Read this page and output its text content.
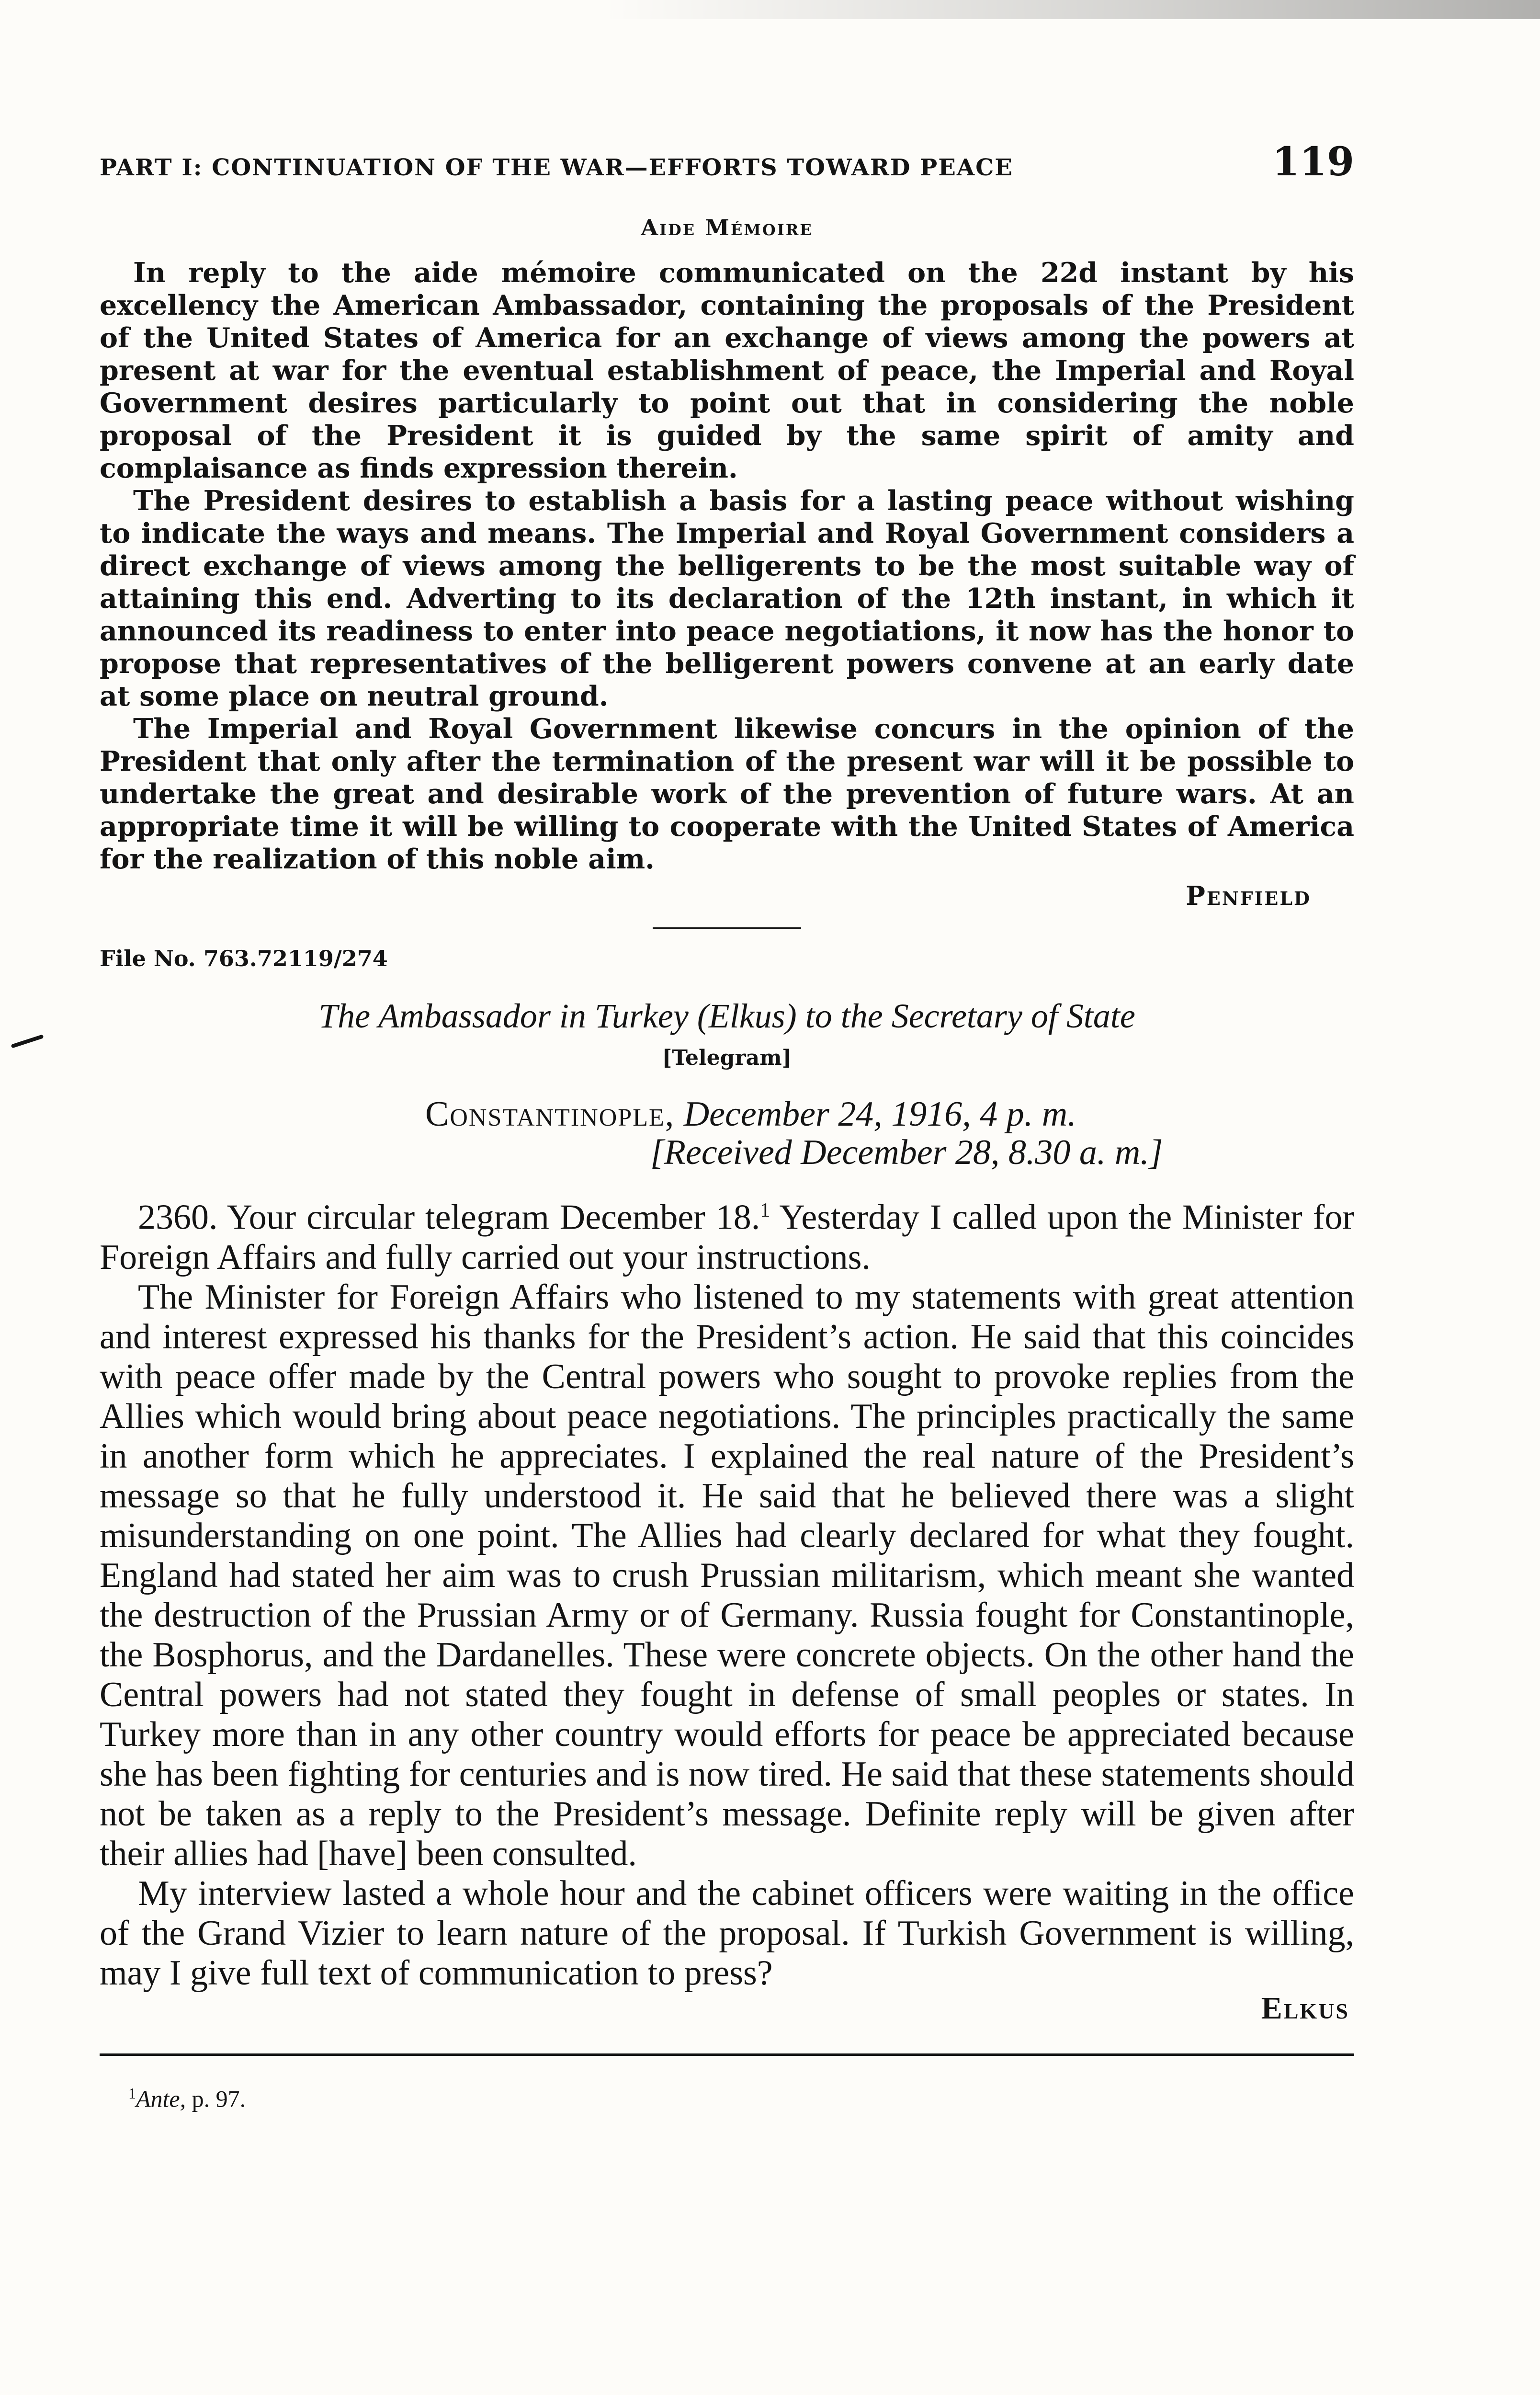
PART I: CONTINUATION OF THE WAR—EFFORTS TOWARD PEACE	119
Aide Mémoire

In reply to the aide mémoire communicated on the 22d instant by his excellency the American Ambassador, containing the proposals of the President of the United States of America for an exchange of views among the powers at present at war for the eventual establishment of peace, the Imperial and Royal Government desires particularly to point out that in considering the noble proposal of the President it is guided by the same spirit of amity and complaisance as finds expression therein.

The President desires to establish a basis for a lasting peace without wishing to indicate the ways and means. The Imperial and Royal Government considers a direct exchange of views among the belligerents to be the most suitable way of attaining this end. Adverting to its declaration of the 12th instant, in which it announced its readiness to enter into peace negotiations, it now has the honor to propose that representatives of the belligerent powers convene at an early date at some place on neutral ground.

The Imperial and Royal Government likewise concurs in the opinion of the President that only after the termination of the present war will it be possible to undertake the great and desirable work of the prevention of future wars. At an appropriate time it will be willing to cooperate with the United States of America for the realization of this noble aim.

Penfield
File No. 763.72119/274
The Ambassador in Turkey (Elkus) to the Secretary of State
[Telegram]
Constantinople, December 24, 1916, 4 p. m.
[Received December 28, 8.30 a. m.]

2360. Your circular telegram December 18.$^1$ Yesterday I called upon the Minister for Foreign Affairs and fully carried out your instructions.

The Minister for Foreign Affairs who listened to my statements with great attention and interest expressed his thanks for the President’s action. He said that this coincides with peace offer made by the Central powers who sought to provoke replies from the Allies which would bring about peace negotiations. The principles practically the same in another form which he appreciates. I explained the real nature of the President’s message so that he fully understood it. He said that he believed there was a slight misunderstanding on one point. The Allies had clearly declared for what they fought. England had stated her aim was to crush Prussian militarism, which meant she wanted the destruction of the Prussian Army or of Germany. Russia fought for Constantinople, the Bosphorus, and the Dardanelles. These were concrete objects. On the other hand the Central powers had not stated they fought in defense of small peoples or states. In Turkey more than in any other country would efforts for peace be appreciated because she has been fighting for centuries and is now tired. He said that these statements should not be taken as a reply to the President’s message. Definite reply will be given after their allies had [have] been consulted.

My interview lasted a whole hour and the cabinet officers were waiting in the office of the Grand Vizier to learn nature of the proposal. If Turkish Government is willing, may I give full text of communication to press?

Elkus
$^1$Ante, p. 97.
